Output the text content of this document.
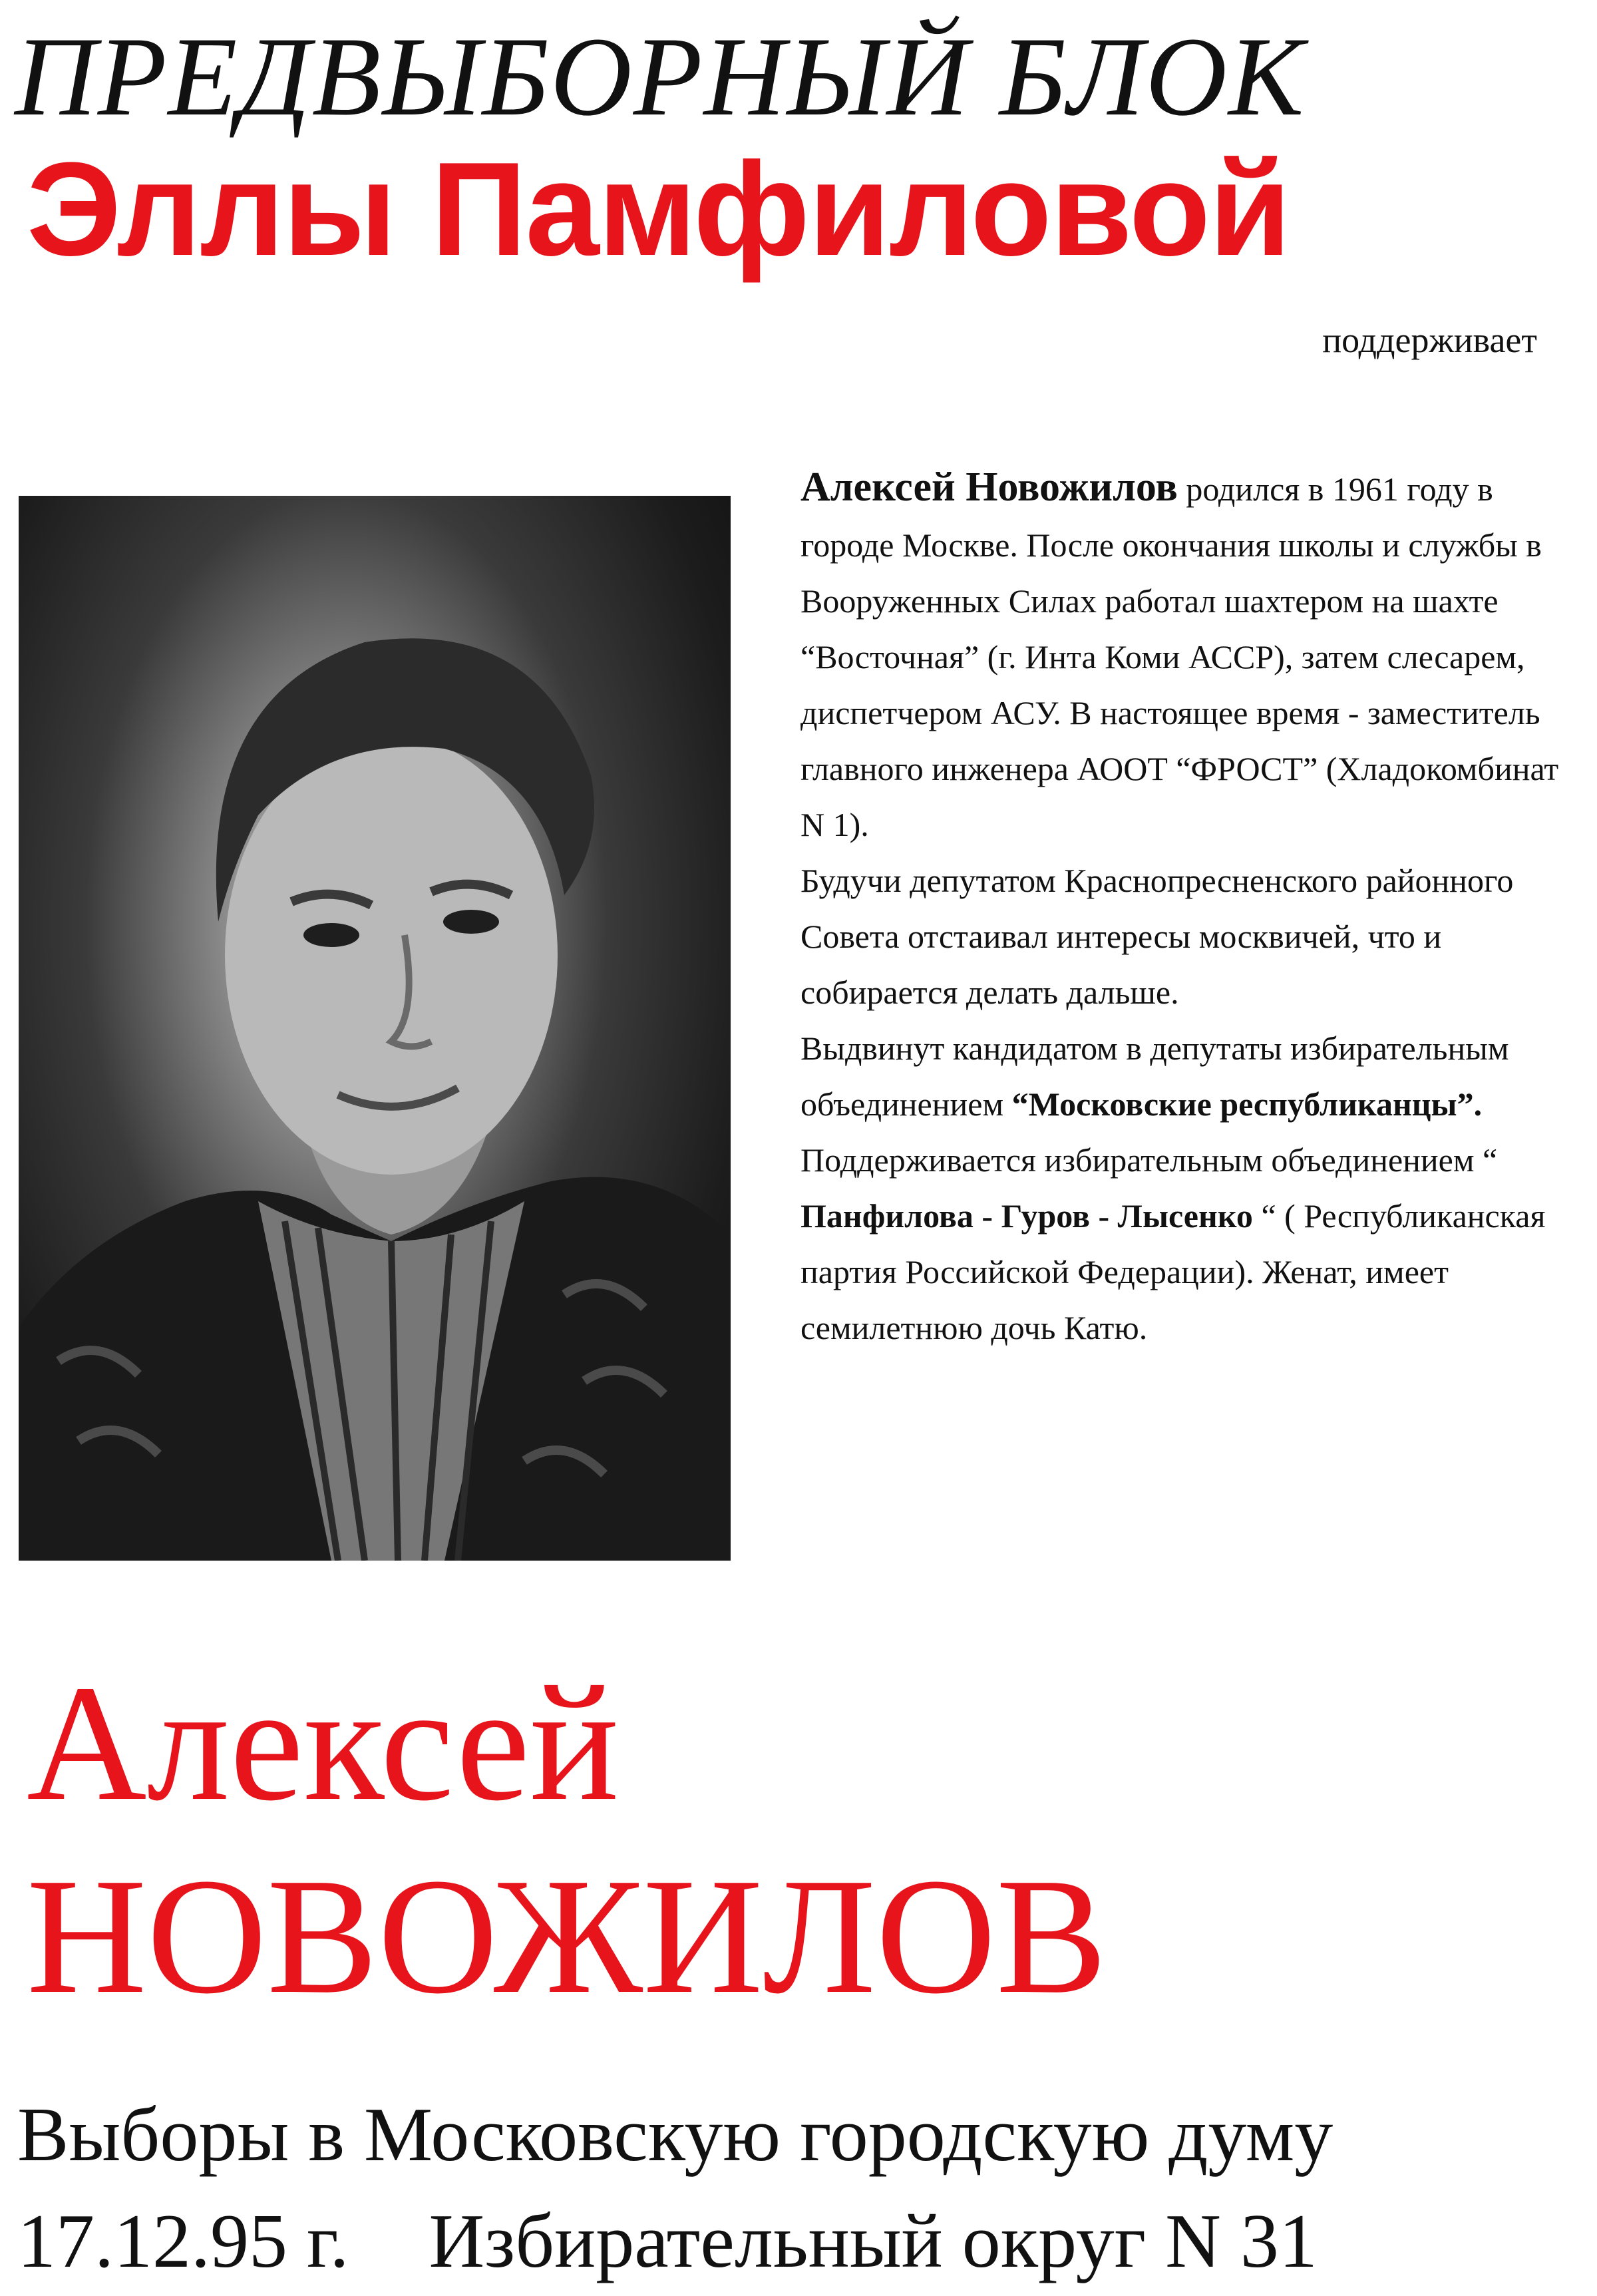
ПРЕДВЫБОРНЫЙ БЛОК
Эллы Памфиловой
поддерживает

Алексей Новожилов родился в 1961 году в городе Москве. После окончания школы и службы в Вооруженных Силах работал шахтером на шахте “Восточная” (г. Инта Коми АССР), затем слесарем, диспетчером АСУ. В настоящее время - заместитель главного инженера АООТ “ФРОСТ” (Хладокомбинат N 1).

Будучи депутатом Краснопресненского районного Совета отстаивал интересы москвичей, что и собирается делать дальше.

Выдвинут кандидатом в депутаты избирательным объединением “Московские республиканцы”.

Поддерживается избирательным объединением “ Панфилова - Гуров - Лысенко “ ( Республиканская партия Российской Федерации). Женат, имеет семилетнюю дочь Катю.

Алексей
НОВОЖИЛОВ
Выборы в Московскую городскую думу
17.12.95 г. Избирательный округ N 31
